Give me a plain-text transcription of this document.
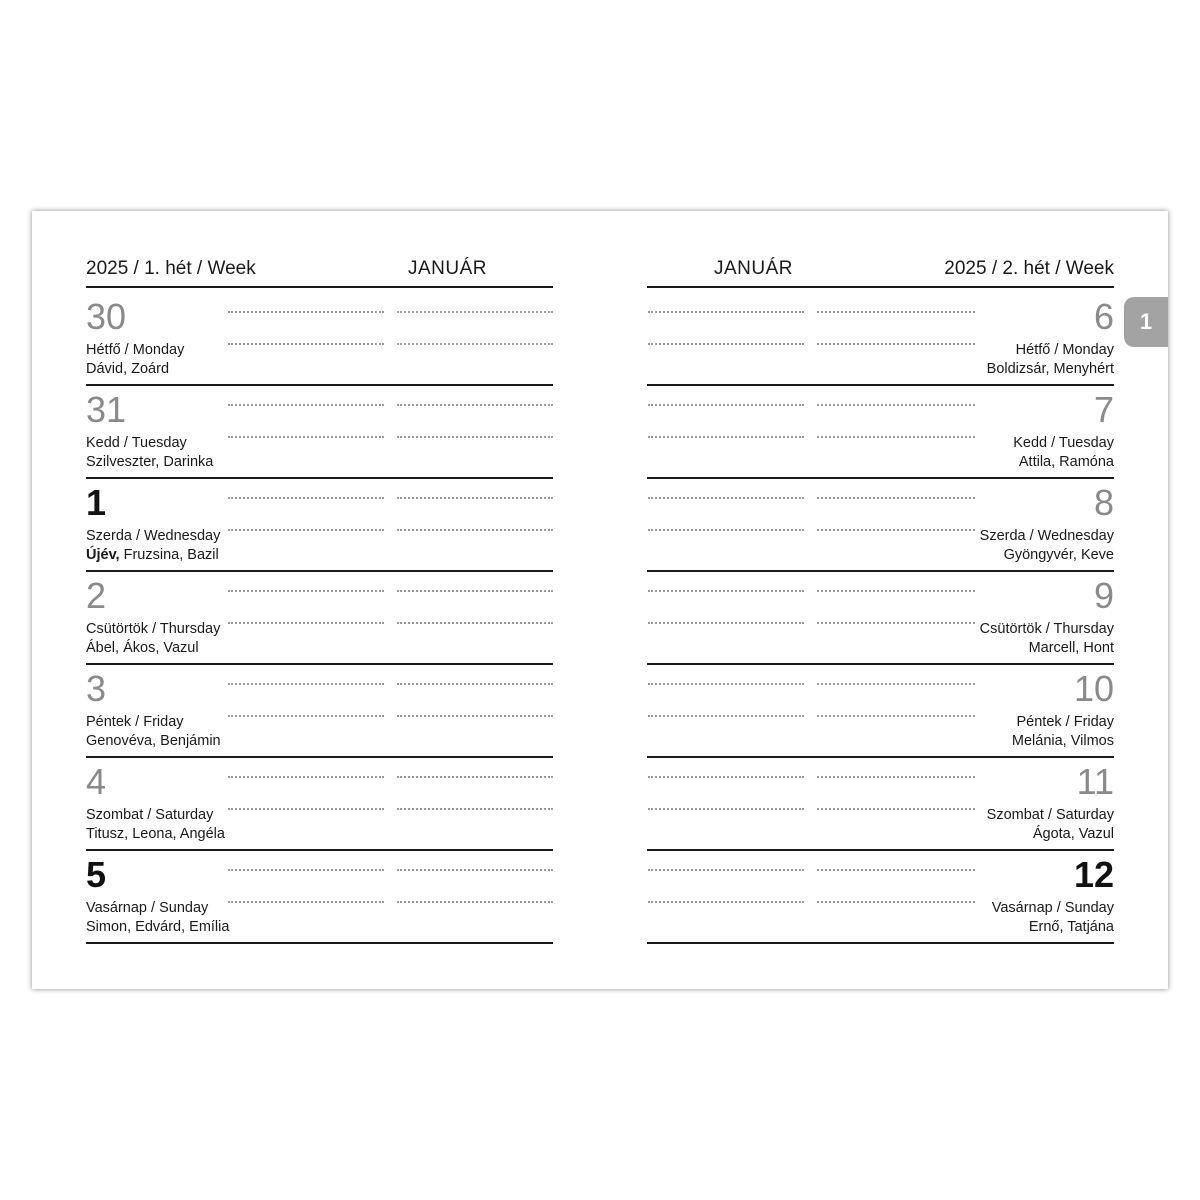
2025 / 1. hét / Week	JANUÁR
30
Hétfő / Monday
Dávid, Zoárd
31
Kedd / Tuesday
Szilveszter, Darinka
1
Szerda / Wednesday
Újév, Fruzsina, Bazil
2
Csütörtök / Thursday
Ábel, Ákos, Vazul
3
Péntek / Friday
Genovéva, Benjámin
4
Szombat / Saturday
Titusz, Leona, Angéla
5
Vasárnap / Sunday
Simon, Edvárd, Emília
JANUÁR	2025 / 2. hét / Week
6
Hétfő / Monday
Boldizsár, Menyhért
7
Kedd / Tuesday
Attila, Ramóna
8
Szerda / Wednesday
Gyöngyvér, Keve
9
Csütörtök / Thursday
Marcell, Hont
10
Péntek / Friday
Melánia, Vilmos
11
Szombat / Saturday
Ágota, Vazul
12
Vasárnap / Sunday
Ernő, Tatjána
1
